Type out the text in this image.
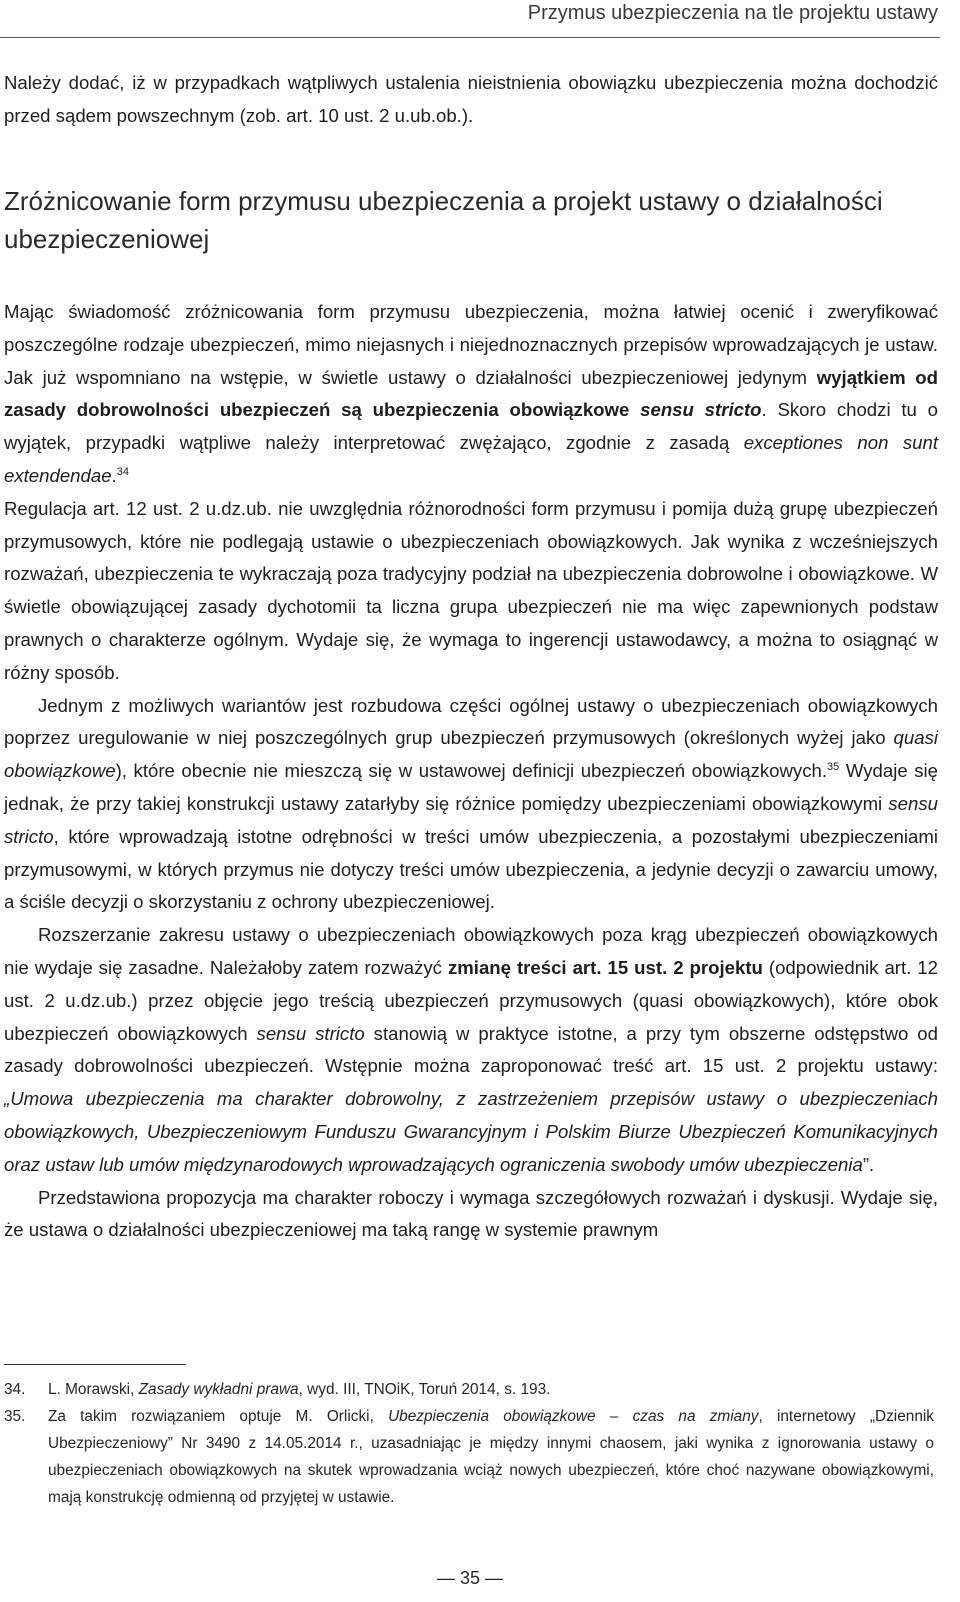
Przymus ubezpieczenia na tle projektu ustawy
Należy dodać, iż w przypadkach wątpliwych ustalenia nieistnienia obowiązku ubezpieczenia można dochodzić przed sądem powszechnym (zob. art. 10 ust. 2 u.ub.ob.).
Zróżnicowanie form przymusu ubezpieczenia a projekt ustawy o działalności ubezpieczeniowej

Mając świadomość zróżnicowania form przymusu ubezpieczenia, można łatwiej ocenić i zweryfikować poszczególne rodzaje ubezpieczeń, mimo niejasnych i niejednoznacznych przepisów wprowadzających je ustaw. Jak już wspomniano na wstępie, w świetle ustawy o działalności ubezpieczeniowej jedynym wyjątkiem od zasady dobrowolności ubezpieczeń są ubezpieczenia obowiązkowe sensu stricto. Skoro chodzi tu o wyjątek, przypadki wątpliwe należy interpretować zwężająco, zgodnie z zasadą exceptiones non sunt extendendae.$^{34}$

Regulacja art. 12 ust. 2 u.dz.ub. nie uwzględnia różnorodności form przymusu i pomija dużą grupę ubezpieczeń przymusowych, które nie podlegają ustawie o ubezpieczeniach obowiązkowych. Jak wynika z wcześniejszych rozważań, ubezpieczenia te wykraczają poza tradycyjny podział na ubezpieczenia dobrowolne i obowiązkowe. W świetle obowiązującej zasady dychotomii ta liczna grupa ubezpieczeń nie ma więc zapewnionych podstaw prawnych o charakterze ogólnym. Wydaje się, że wymaga to ingerencji ustawodawcy, a można to osiągnąć w różny sposób.

Jednym z możliwych wariantów jest rozbudowa części ogólnej ustawy o ubezpieczeniach obowiązkowych poprzez uregulowanie w niej poszczególnych grup ubezpieczeń przymusowych (określonych wyżej jako quasi obowiązkowe), które obecnie nie mieszczą się w ustawowej definicji ubezpieczeń obowiązkowych.$^{35}$ Wydaje się jednak, że przy takiej konstrukcji ustawy zatarłyby się różnice pomiędzy ubezpieczeniami obowiązkowymi sensu stricto, które wprowadzają istotne odrębności w treści umów ubezpieczenia, a pozostałymi ubezpieczeniami przymusowymi, w których przymus nie dotyczy treści umów ubezpieczenia, a jedynie decyzji o zawarciu umowy, a ściśle decyzji o skorzystaniu z ochrony ubezpieczeniowej.

Rozszerzanie zakresu ustawy o ubezpieczeniach obowiązkowych poza krąg ubezpieczeń obowiązkowych nie wydaje się zasadne. Należałoby zatem rozważyć zmianę treści art. 15 ust. 2 projektu (odpowiednik art. 12 ust. 2 u.dz.ub.) przez objęcie jego treścią ubezpieczeń przymusowych (quasi obowiązkowych), które obok ubezpieczeń obowiązkowych sensu stricto stanowią w praktyce istotne, a przy tym obszerne odstępstwo od zasady dobrowolności ubezpieczeń. Wstępnie można zaproponować treść art. 15 ust. 2 projektu ustawy: „Umowa ubezpieczenia ma charakter dobrowolny, z zastrzeżeniem przepisów ustawy o ubezpieczeniach obowiązkowych, Ubezpieczeniowym Funduszu Gwarancyjnym i Polskim Biurze Ubezpieczeń Komunikacyjnych oraz ustaw lub umów międzynarodowych wprowadzających ograniczenia swobody umów ubezpieczenia”.

Przedstawiona propozycja ma charakter roboczy i wymaga szczegółowych rozważań i dyskusji. Wydaje się, że ustawa o działalności ubezpieczeniowej ma taką rangę w systemie prawnym

34.	L. Morawski, Zasady wykładni prawa, wyd. III, TNOiK, Toruń 2014, s. 193.
35.	Za takim rozwiązaniem optuje M. Orlicki, Ubezpieczenia obowiązkowe – czas na zmiany, internetowy „Dziennik Ubezpieczeniowy” Nr 3490 z 14.05.2014 r., uzasadniając je między innymi chaosem, jaki wynika z ignorowania ustawy o ubezpieczeniach obowiązkowych na skutek wprowadzania wciąż nowych ubezpieczeń, które choć nazywane obowiązkowymi, mają konstrukcję odmienną od przyjętej w ustawie.
— 35 —
